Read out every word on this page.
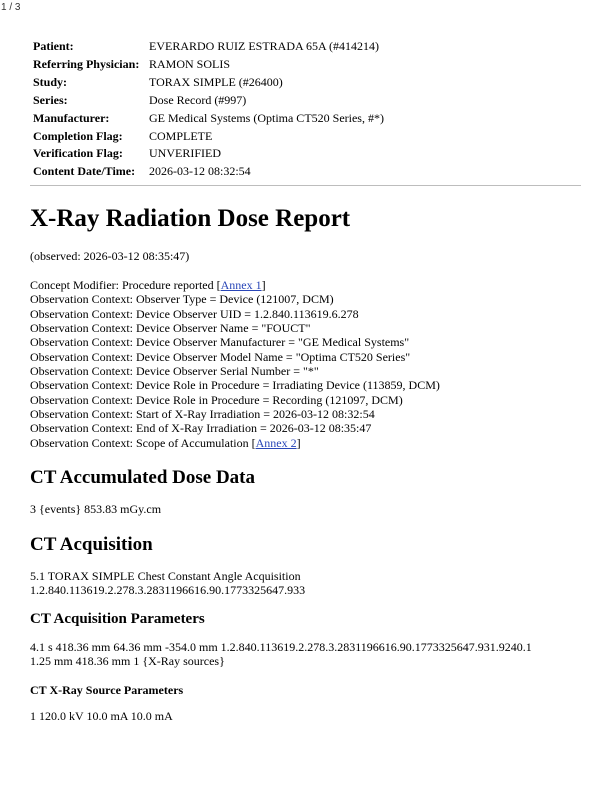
1 / 3
Patient:	EVERARDO RUIZ ESTRADA 65A (#414214)
Referring Physician:	RAMON SOLIS
Study:	TORAX SIMPLE (#26400)
Series:	Dose Record (#997)
Manufacturer:	GE Medical Systems (Optima CT520 Series, #*)
Completion Flag:	COMPLETE
Verification Flag:	UNVERIFIED
Content Date/Time:	2026-03-12 08:32:54
X-Ray Radiation Dose Report
(observed: 2026-03-12 08:35:47)
Concept Modifier: Procedure reported [Annex 1]
Observation Context: Observer Type = Device (121007, DCM)
Observation Context: Device Observer UID = 1.2.840.113619.6.278
Observation Context: Device Observer Name = "FOUCT"
Observation Context: Device Observer Manufacturer = "GE Medical Systems"
Observation Context: Device Observer Model Name = "Optima CT520 Series"
Observation Context: Device Observer Serial Number = "*"
Observation Context: Device Role in Procedure = Irradiating Device (113859, DCM)
Observation Context: Device Role in Procedure = Recording (121097, DCM)
Observation Context: Start of X-Ray Irradiation = 2026-03-12 08:32:54
Observation Context: End of X-Ray Irradiation = 2026-03-12 08:35:47
Observation Context: Scope of Accumulation [Annex 2]
CT Accumulated Dose Data
3 {events} 853.83 mGy.cm
CT Acquisition
5.1 TORAX SIMPLE Chest Constant Angle Acquisition
1.2.840.113619.2.278.3.2831196616.90.1773325647.933
CT Acquisition Parameters
4.1 s 418.36 mm 64.36 mm -354.0 mm 1.2.840.113619.2.278.3.2831196616.90.1773325647.931.9240.1
1.25 mm 418.36 mm 1 {X-Ray sources}
CT X-Ray Source Parameters
1 120.0 kV 10.0 mA 10.0 mA
